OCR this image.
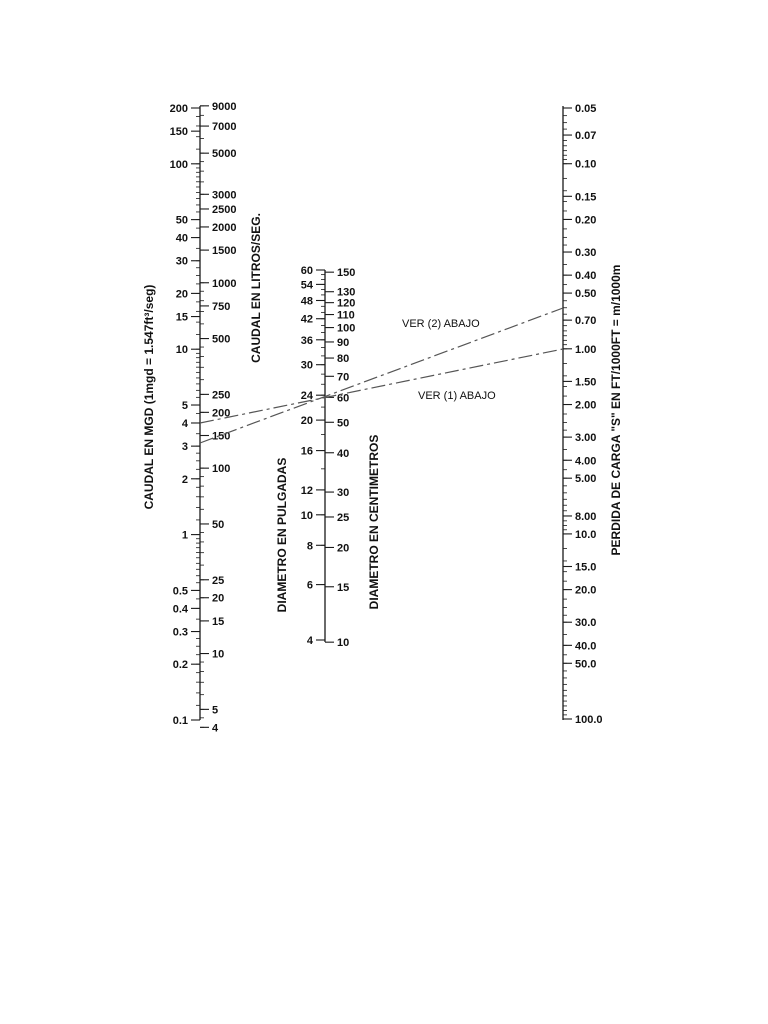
200
150
100
50
40
30
20
15
10
5
4
3
2
1
0.5
0.4
0.3
0.2
0.1
9000
7000
5000
3000
2500
2000
1500
1000
750
500
250
200
150
100
50
25
20
15
10
5
4
60
54
48
42
36
30
24
20
16
12
10
8
6
4
150
130
120
110
100
90
80
70
60
50
40
30
25
20
15
10
0.05
0.07
0.10
0.15
0.20
0.30
0.40
0.50
0.70
1.00
1.50
2.00
3.00
4.00
5.00
8.00
10.0
15.0
20.0
30.0
40.0
50.0
100.0
VER (2) ABAJO
VER (1) ABAJO
CAUDAL EN MGD (1mgd = 1.547ft³/seg)	CAUDAL EN LITROS/SEG.
DIAMETRO EN PULGADAS	DIAMETRO EN CENTIMETROS	PERDIDA DE CARGA "S" EN FT/1000FT = m/1000m
